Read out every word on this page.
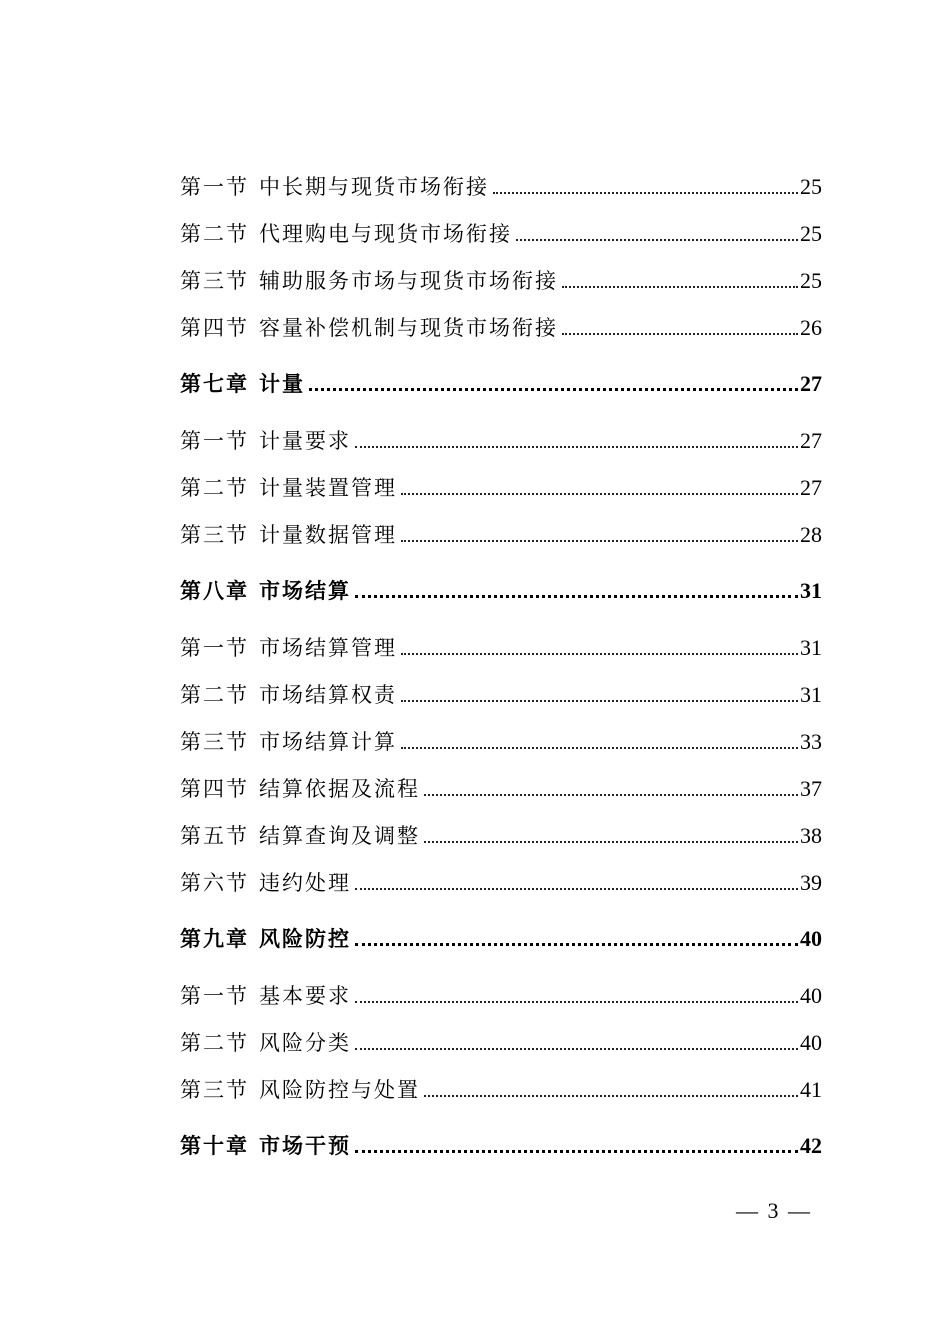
第一节 中长期与现货市场衔接	25
第二节 代理购电与现货市场衔接	25
第三节 辅助服务市场与现货市场衔接	25
第四节 容量补偿机制与现货市场衔接	26
第七章 计量	27
第一节 计量要求	27
第二节 计量装置管理	27
第三节 计量数据管理	28
第八章 市场结算	31
第一节 市场结算管理	31
第二节 市场结算权责	31
第三节 市场结算计算	33
第四节 结算依据及流程	37
第五节 结算查询及调整	38
第六节 违约处理	39
第九章 风险防控	40
第一节 基本要求	40
第二节 风险分类	40
第三节 风险防控与处置	41
第十章 市场干预	42
— 3 —
